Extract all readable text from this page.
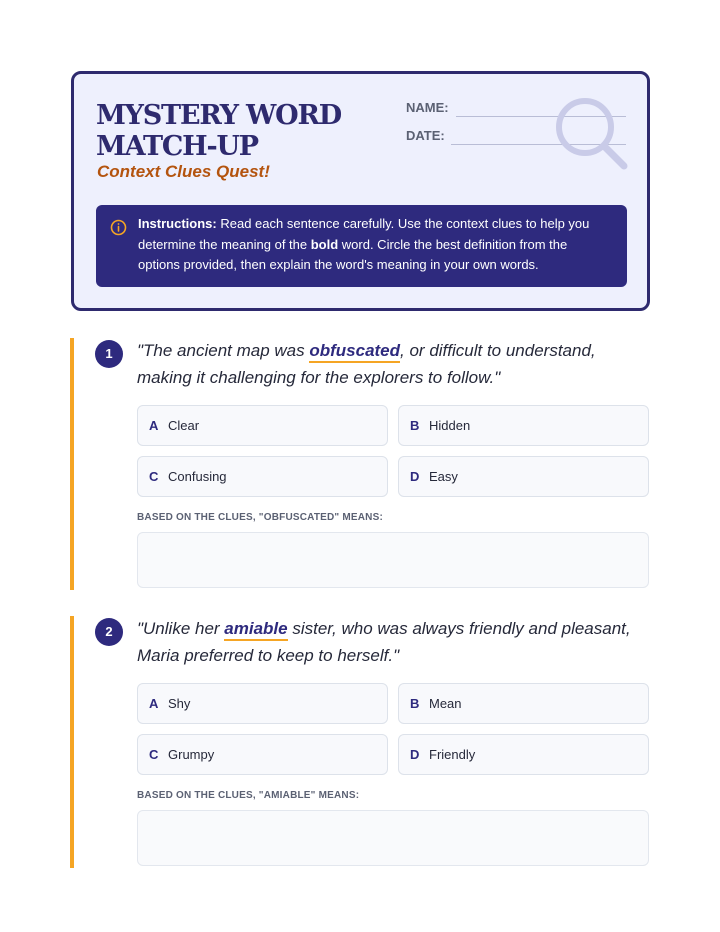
MYSTERY WORD MATCH-UP
Context Clues Quest!
NAME:
DATE:
Instructions: Read each sentence carefully. Use the context clues to help you determine the meaning of the bold word. Circle the best definition from the options provided, then explain the word's meaning in your own words.
1	"The ancient map was obfuscated, or difficult to understand, making it challenging for the explorers to follow."
A Clear	B Hidden
C Confusing	D Easy
BASED ON THE CLUES, "OBFUSCATED" MEANS:
2	"Unlike her amiable sister, who was always friendly and pleasant, Maria preferred to keep to herself."
A Shy	B Mean
C Grumpy	D Friendly
BASED ON THE CLUES, "AMIABLE" MEANS:
